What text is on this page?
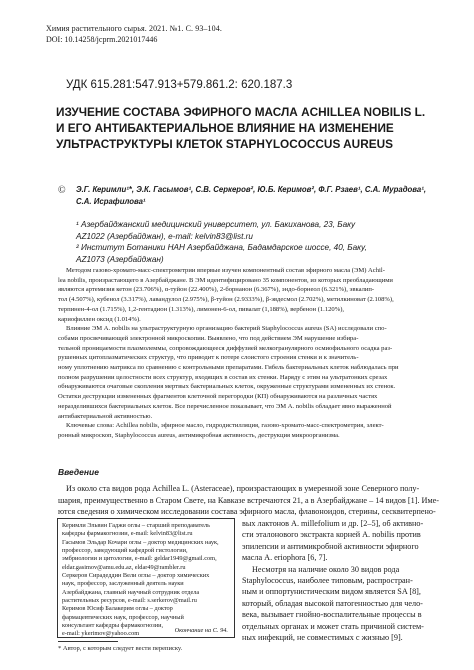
Химия растительного сырья. 2021. №1. С. 93–104.
DOI: 10.14258/jcprm.2021017446
УДК 615.281:547.913+579.861.2: 620.187.3
ИЗУЧЕНИЕ СОСТАВА ЭФИРНОГО МАСЛА ACHILLEA NOBILIS L.
И ЕГО АНТИБАКТЕРИАЛЬНОЕ ВЛИЯНИЕ НА ИЗМЕНЕНИЕ
УЛЬТРАСТРУКТУРЫ КЛЕТОК STAPHYLOCOCCUS AUREUS
© Э.Г. Керимли¹*, Э.К. Гасымов¹, С.В. Серкеров², Ю.Б. Керимов², Ф.Г. Рзаев¹, С.А. Мурадова¹, С.А. Исрафилова¹
¹ Азербайджанский медицинский университет, ул. Бакиханова, 23, Баку
AZ1022 (Азербайджан), e-mail: kelvin83@list.ru
² Институт Ботаники НАН Азербайджана, Бадамдарское шоссе, 40, Баку,
AZ1073 (Азербайджан)
Методом газово-хромато-масс-спектрометрии впервые изучен компонентный состав эфирного масла (ЭМ) Achil-
lea nobilis, произрастающего в Азербайджане. В ЭМ идентифицировано 35 компонентов, из которых преобладающими
являются артемизия кетон (23.706%), α-туйон (22.400%), 2-борнанон (6.367%), эндо-борнеол (6.321%), эвкалип-
тол (4.507%), кубенол (3.317%), лавандулол (2.975%), β-туйон (2.9333%), β-эвдесмол (2.702%), метилкиноват (2.108%),
терпинен-4-ол (1.715%), 1,2-гентадион (1.313%), лимонен-6-ол, пивалат (1,188%), вербенон (1.120%),
кариофиллен оксид (1.014%).
Влияние ЭМ A. nobilis на ультраструктурную организацию бактерий Staphylococcus aureus (SA) исследовали спо-
собами просвечивающей электронной микроскопии. Выявлено, что под действием ЭМ нарушение избира-
тельной проницаемости плазмолеммы, сопровождающееся диффузией мелкогранулярного осмиофильного осадка раз-
рушенных цитоплазматических структур, что приводит к потере слоистого строения стенки и к значитель-
ному уплотнению матрикса по сравнению с контрольными препаратами. Гибель бактериальных клеток наблюдалась при
полном разрушении целостности всех структур, входящих в состав их стенки. Наряду с этим на ультратонких срезах
обнаруживаются очаговые скопления мертвых бактериальных клеток, окруженные структурами измененных их стенок.
Остатки деструкции измененных фрагментов клеточной перегородки (КП) обнаруживаются на различных частях
неразделившихся бактериальных клеток. Все перечисленное показывает, что ЭМ A. nobilis обладает явно выраженной
антибактериальной активностью.
Ключевые слова: Achillea nobilis, эфирное масло, гидродистилляция, газово-хромато-масс-спектрометрия, элект-
ронный микроскоп, Staphylococcus aureus, антимикробная активность, деструкция микроорганизма.
Введение
Из около ста видов рода Achillea L. (Asteraceae), произрастающих в умеренной зоне Северного полу-
шария, преимущественно в Старом Свете, на Кавказе встречаются 21, а в Азербайджане – 14 видов [1]. Име-
ются сведения о химическом исследовании состава эфирного масла, флавоноидов, стерины, сесквитерпено-
Керимли Эльвин Гаджи оглы – старший преподаватель
кафедры фармакогнозии, e-mail: kelvin83@list.ru
Гасымов Эльдар Кочари оглы – доктор медицинских наук,
профессор, заведующий кафедрой гистологии,
эмбриологии и цитологии, e-mail: geldar1949@gmail.com,
eldar.gasimov@amu.edu.az, eldar49@rambler.ru
Серкеров Сирадеддин Вели оглы – доктор химических
наук, профессор, заслуженный деятель науки
Азербайджана, главный научный сотрудник отдела
растительных ресурсов, e-mail: s.serkerov@mail.ru
Керимов Юсиф Балакерим оглы – доктор
фармацевтических наук, профессор, научный
консультант кафедры фармакогнозии,
e-mail: ykerimov@yahoo.com	Окончание на С. 94.
вых лактонов A. millefolium и др. [2–5], об активно-
сти эталонового экстракта корней A. nobilis против
эпилепсии и антимикробной активности эфирного
масла A. eriophora [6, 7].
Несмотря на наличие около 30 видов рода
Staphylococcus, наиболее типовым, распростран-
ным и оппортунистическим видом является SA [8],
который, обладая высокой патогенностью для чело-
века, вызывает гнойно-воспалительные процессы в
отдельных органах и может стать причиной систем-
ных инфекций, не совместимых с жизнью [9].
* Автор, с которым следует вести переписку.
